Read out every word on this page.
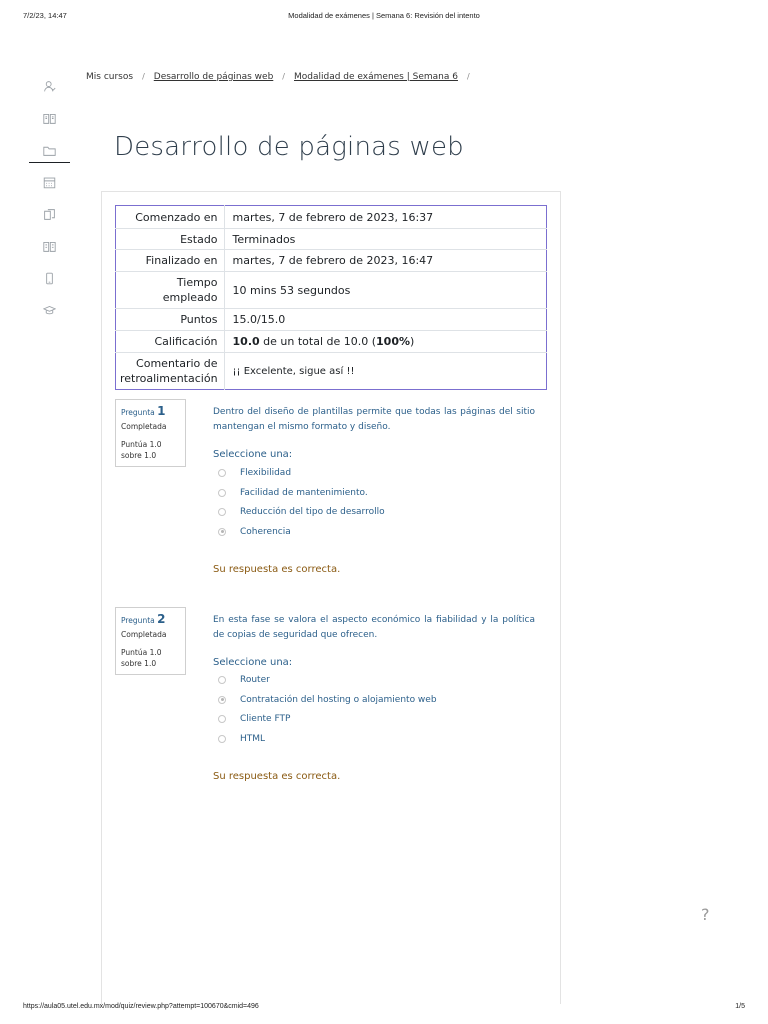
7/2/23, 14:47	Modalidad de exámenes | Semana 6: Revisión del intento
Mis cursos / Desarrollo de páginas web / Modalidad de exámenes | Semana 6 /
Desarrollo de páginas web
Comenzado en	martes, 7 de febrero de 2023, 16:37
Estado	Terminados
Finalizado en	martes, 7 de febrero de 2023, 16:47
Tiempo empleado	10 mins 53 segundos
Puntos	15.0/15.0
Calificación	10.0 de un total de 10.0 (100%)
Comentario de retroalimentación	¡¡ Excelente, sigue así !!
Pregunta 1
Completada
Puntúa 1.0 sobre 1.0
Dentro del diseño de plantillas permite que todas las páginas del sitio mantengan el mismo formato y diseño.
Seleccione una:
Flexibilidad
Facilidad de mantenimiento.
Reducción del tipo de desarrollo
Coherencia
Su respuesta es correcta.
Pregunta 2
Completada
Puntúa 1.0 sobre 1.0
En esta fase se valora el aspecto económico la fiabilidad y la política de copias de seguridad que ofrecen.
Seleccione una:
Router
Contratación del hosting o alojamiento web
Cliente FTP
HTML
Su respuesta es correcta.
?
https://aula05.utel.edu.mx/mod/quiz/review.php?attempt=100670&cmid=496	1/5
